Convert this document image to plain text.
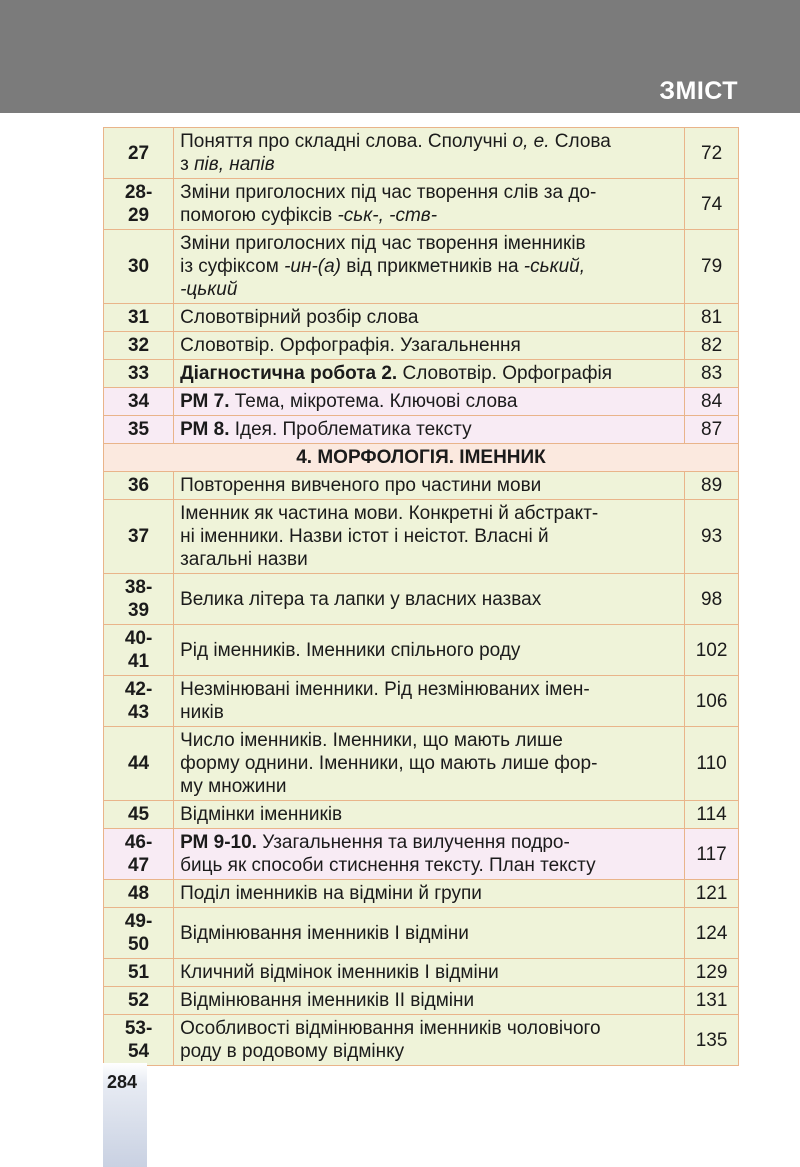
ЗМІСТ
27	Поняття про складні слова. Сполучні о, е. Слова
з пів, напів	72
28-
29	Зміни приголосних під час творення слів за до-
помогою суфіксів -ськ-, -ств-	74
30	Зміни приголосних під час творення іменників
із суфіксом -ин-(а) від прикметників на -ський,
-цький	79
31	Словотвірний розбір слова	81
32	Словотвір. Орфографія. Узагальнення	82
33	Діагностична робота 2. Словотвір. Орфографія	83
34	РМ 7. Тема, мікротема. Ключові слова	84
35	РМ 8. Ідея. Проблематика тексту	87
4. МОРФОЛОГІЯ. ІМЕННИК		
36	Повторення вивченого про частини мови	89
37	Іменник як частина мови. Конкретні й абстракт-
ні іменники. Назви істот і неістот. Власні й
загальні назви	93
38-
39	Велика літера та лапки у власних назвах	98
40-
41	Рід іменників. Іменники спільного роду	102
42-
43	Незмінювані іменники. Рід незмінюваних імен-
ників	106
44	Число іменників. Іменники, що мають лише
форму однини. Іменники, що мають лише фор-
му множини	110
45	Відмінки іменників	114
46-
47	РМ 9-10. Узагальнення та вилучення подро-
биць як способи стиснення тексту. План тексту	117
48	Поділ іменників на відміни й групи	121
49-
50	Відмінювання іменників І відміни	124
51	Кличний відмінок іменників І відміни	129
52	Відмінювання іменників ІІ відміни	131
53-
54	Особливості відмінювання іменників чоловічого
роду в родовому відмінку	135
284
